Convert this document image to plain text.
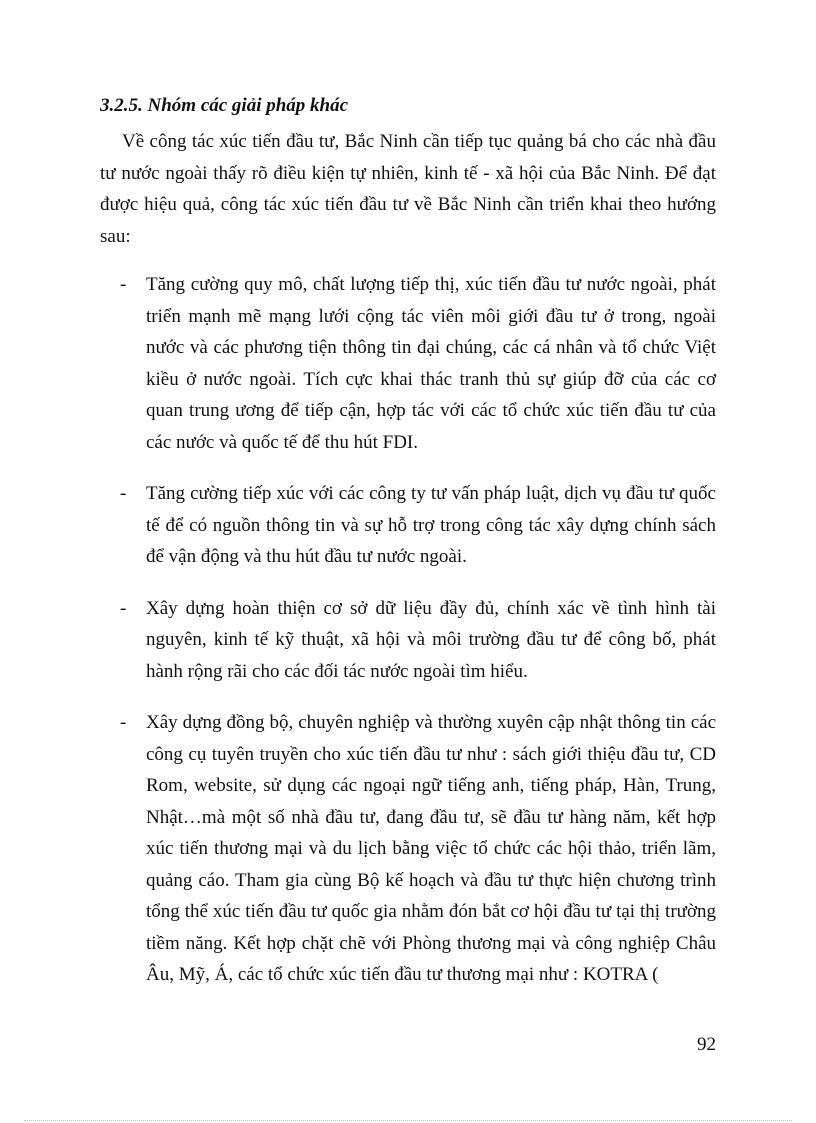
3.2.5. Nhóm các giải pháp khác

Về công tác xúc tiến đầu tư, Bắc Ninh cần tiếp tục quảng bá cho các nhà đầu tư nước ngoài thấy rõ điều kiện tự nhiên, kinh tế - xã hội của Bắc Ninh. Để đạt được hiệu quả, công tác xúc tiến đầu tư về Bắc Ninh cần triển khai theo hướng sau:

- Tăng cường quy mô, chất lượng tiếp thị, xúc tiến đầu tư nước ngoài, phát triển mạnh mẽ mạng lưới cộng tác viên môi giới đầu tư ở trong, ngoài nước và các phương tiện thông tin đại chúng, các cá nhân và tổ chức Việt kiều ở nước ngoài. Tích cực khai thác tranh thủ sự giúp đỡ của các cơ quan trung ương để tiếp cận, hợp tác với các tổ chức xúc tiến đầu tư của các nước và quốc tế để thu hút FDI.
- Tăng cường tiếp xúc với các công ty tư vấn pháp luật, dịch vụ đầu tư quốc tế để có nguồn thông tin và sự hỗ trợ trong công tác xây dựng chính sách để vận động và thu hút đầu tư nước ngoài.
- Xây dựng hoàn thiện cơ sở dữ liệu đầy đủ, chính xác về tình hình tài nguyên, kinh tế kỹ thuật, xã hội và môi trường đầu tư để công bố, phát hành rộng rãi cho các đối tác nước ngoài tìm hiểu.
- Xây dựng đồng bộ, chuyên nghiệp và thường xuyên cập nhật thông tin các công cụ tuyên truyền cho xúc tiến đầu tư như : sách giới thiệu đầu tư, CD Rom, website, sử dụng các ngoại ngữ tiếng anh, tiếng pháp, Hàn, Trung, Nhật…mà một số nhà đầu tư, đang đầu tư, sẽ đầu tư hàng năm, kết hợp xúc tiến thương mại và du lịch bằng việc tổ chức các hội thảo, triển lãm, quảng cáo. Tham gia cùng Bộ kế hoạch và đầu tư thực hiện chương trình tổng thể xúc tiến đầu tư quốc gia nhằm đón bắt cơ hội đầu tư tại thị trường tiềm năng. Kết hợp chặt chẽ với Phòng thương mại và công nghiệp Châu Âu, Mỹ, Á, các tổ chức xúc tiến đầu tư thương mại như : KOTRA (
92
